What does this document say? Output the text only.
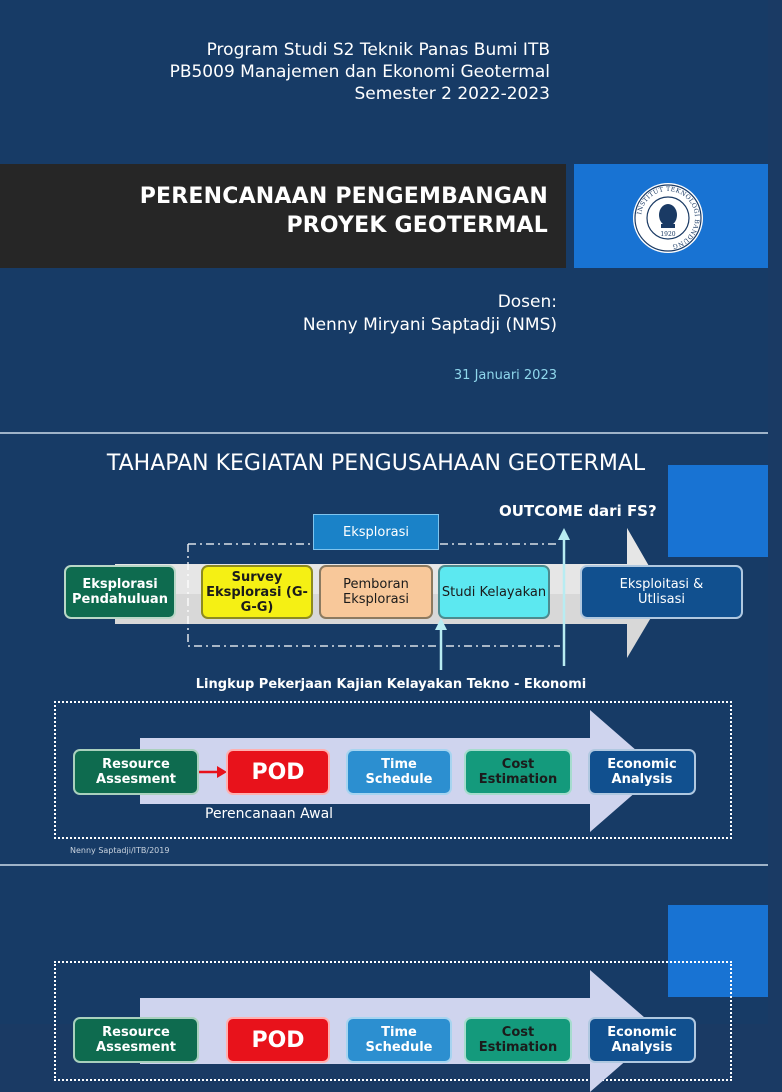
Program Studi S2 Teknik Panas Bumi ITB
PB5009 Manajemen dan Ekonomi Geotermal
Semester 2 2022-2023
PERENCANAAN PENGEMBANGAN
PROYEK GEOTERMAL	INSTITUT TEKNOLOGI BANDUNG
1920
Dosen:
Nenny Miryani Saptadji (NMS)
31 Januari 2023
TAHAPAN KEGIATAN PENGUSAHAAN GEOTERMAL
Eksplorasi
OUTCOME dari FS?
Eksplorasi Pendahuluan
Survey Eksplorasi (G-G-G)
Pemboran Eksplorasi	Studi Kelayakan	Eksploitasi & Utlisasi
Lingkup Pekerjaan Kajian Kelayakan Tekno - Ekonomi
Resource Assesment	POD	Time Schedule
Cost Estimation
Economic Analysis
Perencanaan Awal
Nenny Saptadji/ITB/2019
Resource Assesment	POD	Time Schedule
Cost Estimation
Economic Analysis
